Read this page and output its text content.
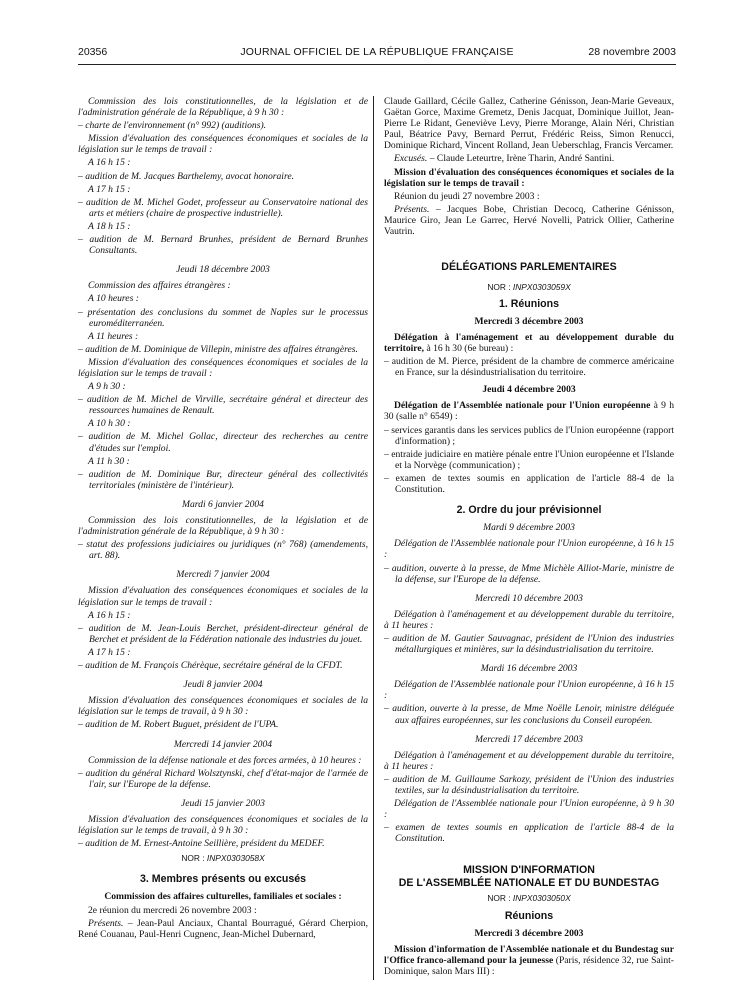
20356	JOURNAL OFFICIEL DE LA RÉPUBLIQUE FRANÇAISE	28 novembre 2003

Commission des lois constitutionnelles, de la législation et de l'administration générale de la République, à 9 h 30 :

– charte de l'environnement (n° 992) (auditions).

Mission d'évaluation des conséquences économiques et sociales de la législation sur le temps de travail :

A 16 h 15 :

– audition de M. Jacques Barthelemy, avocat honoraire.

A 17 h 15 :

– audition de M. Michel Godet, professeur au Conservatoire national des arts et métiers (chaire de prospective industrielle).

A 18 h 15 :

– audition de M. Bernard Brunhes, président de Bernard Brunhes Consultants.

Jeudi 18 décembre 2003

Commission des affaires étrangères :

A 10 heures :

– présentation des conclusions du sommet de Naples sur le processus euroméditerranéen.

A 11 heures :

– audition de M. Dominique de Villepin, ministre des affaires étrangères.

Mission d'évaluation des conséquences économiques et sociales de la législation sur le temps de travail :

A 9 h 30 :

– audition de M. Michel de Virville, secrétaire général et directeur des ressources humaines de Renault.

A 10 h 30 :

– audition de M. Michel Gollac, directeur des recherches au centre d'études sur l'emploi.

A 11 h 30 :

– audition de M. Dominique Bur, directeur général des collectivités territoriales (ministère de l'intérieur).

Mardi 6 janvier 2004

Commission des lois constitutionnelles, de la législation et de l'administration générale de la République, à 9 h 30 :

– statut des professions judiciaires ou juridiques (n° 768) (amendements, art. 88).

Mercredi 7 janvier 2004

Mission d'évaluation des conséquences économiques et sociales de la législation sur le temps de travail :

A 16 h 15 :

– audition de M. Jean-Louis Berchet, président-directeur général de Berchet et président de la Fédération nationale des industries du jouet.

A 17 h 15 :

– audition de M. François Chérèque, secrétaire général de la CFDT.

Jeudi 8 janvier 2004

Mission d'évaluation des conséquences économiques et sociales de la législation sur le temps de travail, à 9 h 30 :

– audition de M. Robert Buguet, président de l'UPA.

Mercredi 14 janvier 2004

Commission de la défense nationale et des forces armées, à 10 heures :

– audition du général Richard Wolsztynski, chef d'état-major de l'armée de l'air, sur l'Europe de la défense.

Jeudi 15 janvier 2003

Mission d'évaluation des conséquences économiques et sociales de la législation sur le temps de travail, à 9 h 30 :

– audition de M. Ernest-Antoine Seillière, président du MEDEF.

NOR : INPX0303058X

3. Membres présents ou excusés

Commission des affaires culturelles, familiales et sociales :

2e réunion du mercredi 26 novembre 2003 :

Présents. – Jean-Paul Anciaux, Chantal Bourragué, Gérard Cherpion, René Couanau, Paul-Henri Cugnenc, Jean-Michel Dubernard,

Claude Gaillard, Cécile Gallez, Catherine Génisson, Jean-Marie Geveaux, Gaëtan Gorce, Maxime Gremetz, Denis Jacquat, Dominique Juillot, Jean-Pierre Le Ridant, Geneviève Levy, Pierre Morange, Alain Néri, Christian Paul, Béatrice Pavy, Bernard Perrut, Frédéric Reiss, Simon Renucci, Dominique Richard, Vincent Rolland, Jean Ueberschlag, Francis Vercamer.

Excusés. – Claude Leteurtre, Irène Tharin, André Santini.

Mission d'évaluation des conséquences économiques et sociales de la législation sur le temps de travail :

Réunion du jeudi 27 novembre 2003 :

Présents. – Jacques Bobe, Christian Decocq, Catherine Génisson, Maurice Giro, Jean Le Garrec, Hervé Novelli, Patrick Ollier, Catherine Vautrin.

DÉLÉGATIONS PARLEMENTAIRES

NOR : INPX0303059X

1. Réunions

Mercredi 3 décembre 2003

Délégation à l'aménagement et au développement durable du territoire, à 16 h 30 (6e bureau) :

– audition de M. Pierce, président de la chambre de commerce américaine en France, sur la désindustrialisation du territoire.

Jeudi 4 décembre 2003

Délégation de l'Assemblée nationale pour l'Union européenne à 9 h 30 (salle n° 6549) :

– services garantis dans les services publics de l'Union européenne (rapport d'information) ;

– entraide judiciaire en matière pénale entre l'Union européenne et l'Islande et la Norvège (communication) ;

– examen de textes soumis en application de l'article 88-4 de la Constitution.

2. Ordre du jour prévisionnel

Mardi 9 décembre 2003

Délégation de l'Assemblée nationale pour l'Union européenne, à 16 h 15 :

– audition, ouverte à la presse, de Mme Michèle Alliot-Marie, ministre de la défense, sur l'Europe de la défense.

Mercredi 10 décembre 2003

Délégation à l'aménagement et au développement durable du territoire, à 11 heures :

– audition de M. Gautier Sauvagnac, président de l'Union des industries métallurgiques et minières, sur la désindustrialisation du territoire.

Mardi 16 décembre 2003

Délégation de l'Assemblée nationale pour l'Union européenne, à 16 h 15 :

– audition, ouverte à la presse, de Mme Noëlle Lenoir, ministre déléguée aux affaires européennes, sur les conclusions du Conseil européen.

Mercredi 17 décembre 2003

Délégation à l'aménagement et au développement durable du territoire, à 11 heures :

– audition de M. Guillaume Sarkozy, président de l'Union des industries textiles, sur la désindustrialisation du territoire.

Délégation de l'Assemblée nationale pour l'Union européenne, à 9 h 30 :

– examen de textes soumis en application de l'article 88-4 de la Constitution.

MISSION D'INFORMATION
DE L'ASSEMBLÉE NATIONALE ET DU BUNDESTAG

NOR : INPX0303050X

Réunions

Mercredi 3 décembre 2003

Mission d'information de l'Assemblée nationale et du Bundestag sur l'Office franco-allemand pour la jeunesse (Paris, résidence 32, rue Saint-Dominique, salon Mars III) :
